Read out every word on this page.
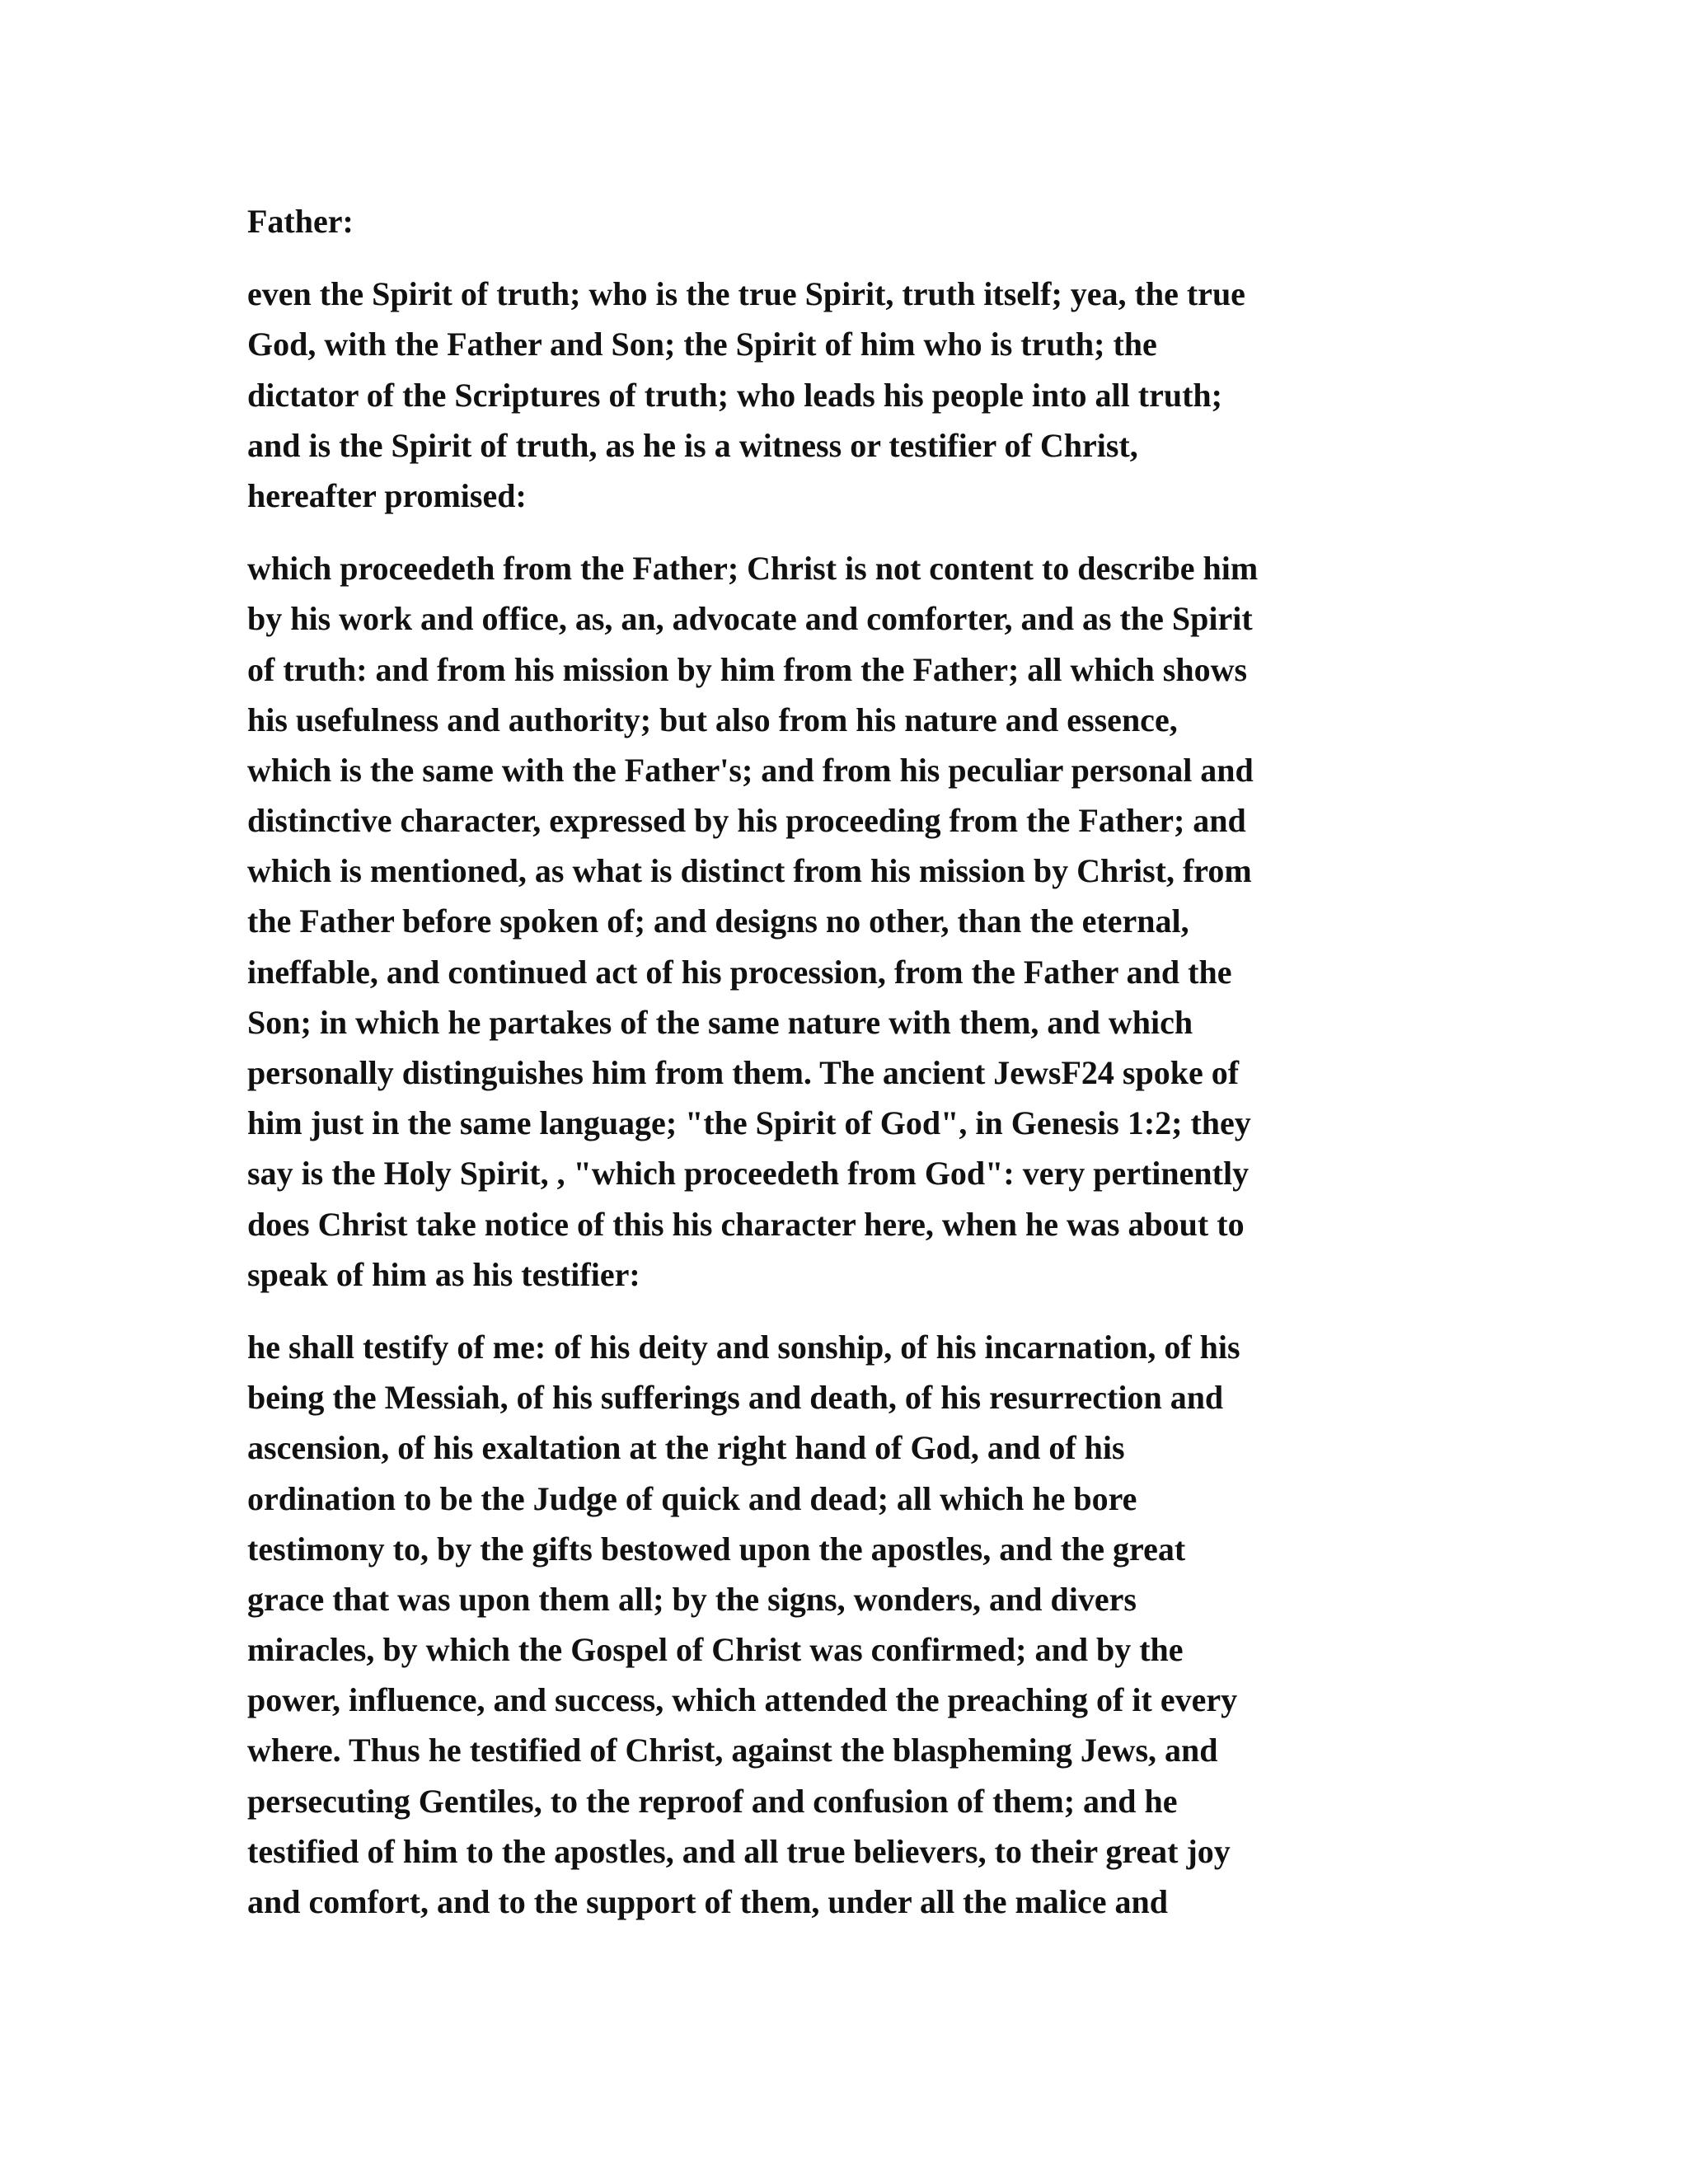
Father:
even the Spirit of truth; who is the true Spirit, truth itself; yea, the true
God, with the Father and Son; the Spirit of him who is truth; the
dictator of the Scriptures of truth; who leads his people into all truth;
and is the Spirit of truth, as he is a witness or testifier of Christ,
hereafter promised:
which proceedeth from the Father; Christ is not content to describe him
by his work and office, as, an, advocate and comforter, and as the Spirit
of truth: and from his mission by him from the Father; all which shows
his usefulness and authority; but also from his nature and essence,
which is the same with the Father's; and from his peculiar personal and
distinctive character, expressed by his proceeding from the Father; and
which is mentioned, as what is distinct from his mission by Christ, from
the Father before spoken of; and designs no other, than the eternal,
ineffable, and continued act of his procession, from the Father and the
Son; in which he partakes of the same nature with them, and which
personally distinguishes him from them. The ancient JewsF24 spoke of
him just in the same language; "the Spirit of God", in Genesis 1:2; they
say is the Holy Spirit, , "which proceedeth from God": very pertinently
does Christ take notice of this his character here, when he was about to
speak of him as his testifier:
he shall testify of me: of his deity and sonship, of his incarnation, of his
being the Messiah, of his sufferings and death, of his resurrection and
ascension, of his exaltation at the right hand of God, and of his
ordination to be the Judge of quick and dead; all which he bore
testimony to, by the gifts bestowed upon the apostles, and the great
grace that was upon them all; by the signs, wonders, and divers
miracles, by which the Gospel of Christ was confirmed; and by the
power, influence, and success, which attended the preaching of it every
where. Thus he testified of Christ, against the blaspheming Jews, and
persecuting Gentiles, to the reproof and confusion of them; and he
testified of him to the apostles, and all true believers, to their great joy
and comfort, and to the support of them, under all the malice and
